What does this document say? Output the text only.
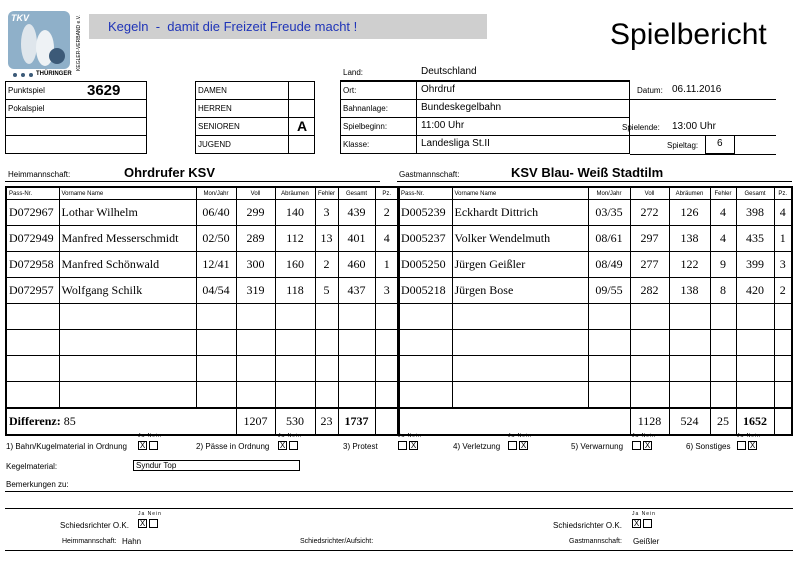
TKV
THÜRINGER
KEGLER-VERBAND e.V. Kegeln  -  damit die Freizeit Freude macht !	Spielbericht
Punktspiel	3629
Pokalspiel
DAMEN
HERREN
SENIOREN
JUGEND
A
Land:	Deutschland
Ort:	Ohrdruf
Bahnanlage:	Bundeskegelbahn
Spielbeginn:	11:00 Uhr
Klasse:	Landesliga St.II
Datum: 06.11.2016
Spielende: 13:00 Uhr
Spieltag: 6
Heimmannschaft:	Ohrdrufer KSV	Gastmannschaft:	KSV Blau- Weiß Stadtilm
Pass-Nr.	Vorname Name	Mon/Jahr	Voll	Abräumen	Fehler	Gesamt	Pz.
D072967	Lothar Wilhelm	06/40	299	140	3	439	2
D072949	Manfred Messerschmidt	02/50	289	112	13	401	4
D072958	Manfred Schönwald	12/41	300	160	2	460	1
D072957	Wolfgang Schilk	04/54	319	118	5	437	3

Differenz: 85			1207	530	23	1737	
Pass-Nr.	Vorname Name	Mon/Jahr	Voll	Abräumen	Fehler	Gesamt	Pz.
D005239	Eckhardt Dittrich	03/35	272	126	4	398	4
D005237	Volker Wendelmuth	08/61	297	138	4	435	1
D005250	Jürgen Geißler	08/49	277	122	9	399	3
D005218	Jürgen Bose	09/55	282	138	8	420	2

			1128	524	25	1652	
1) Bahn/Kugelmaterial in Ordnung
Ja Nein
X	2) Pässe in Ordnung
Ja Nein
X	3) Protest
Ja Nein
X	4) Verletzung
Ja Nein
X	5) Verwarnung
Ja Nein
X	6) Sonstiges
Ja Nein
X
Kegelmaterial:	Syndur Top
Bemerkungen zu:
Schiedsrichter O.K.
Ja Nein
X	Schiedsrichter O.K.
Ja Nein
X
Heimmannschaft: Hahn	Schiedsrichter/Aufsicht:	Gastmannschaft: Geißler
